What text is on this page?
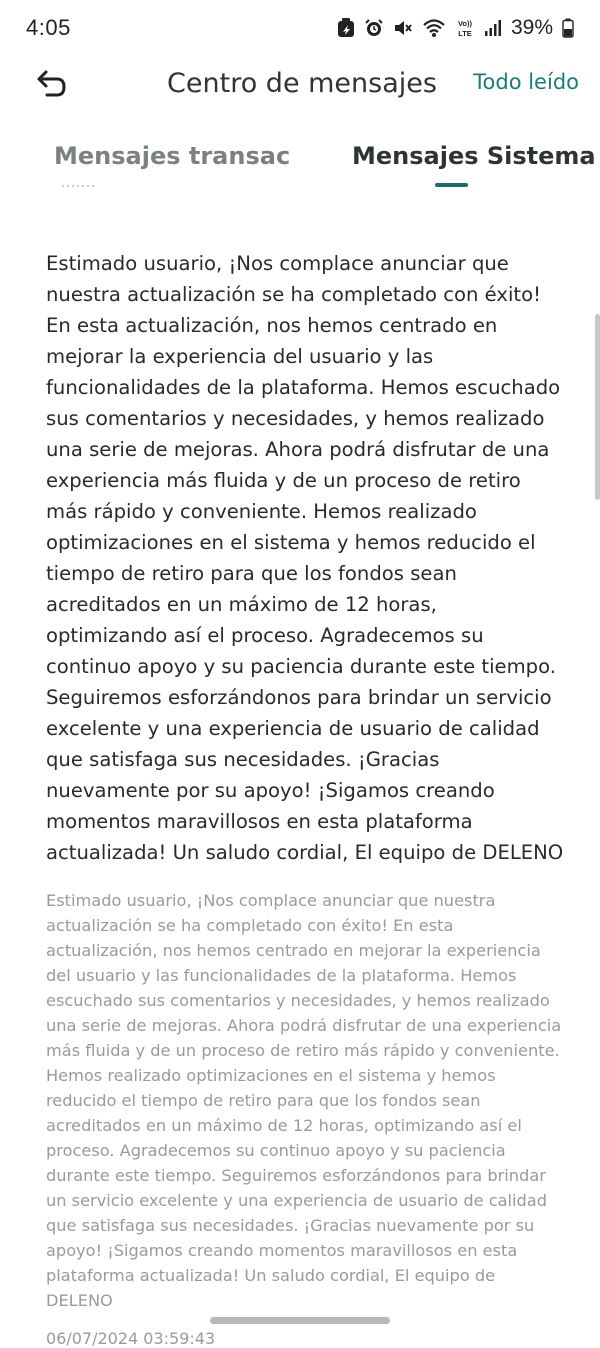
4:05	Vo))
LTE 39%
Centro de mensajes	Todo leído
Mensajes transac	Mensajes Sistema

Estimado usuario, ¡Nos complace anunciar que nuestra actualización se ha completado con éxito! En esta actualización, nos hemos centrado en mejorar la experiencia del usuario y las funcionalidades de la plataforma. Hemos escuchado sus comentarios y necesidades, y hemos realizado una serie de mejoras. Ahora podrá disfrutar de una experiencia más fluida y de un proceso de retiro más rápido y conveniente. Hemos realizado optimizaciones en el sistema y hemos reducido el tiempo de retiro para que los fondos sean acreditados en un máximo de 12 horas, optimizando así el proceso. Agradecemos su continuo apoyo y su paciencia durante este tiempo. Seguiremos esforzándonos para brindar un servicio excelente y una experiencia de usuario de calidad que satisfaga sus necesidades. ¡Gracias nuevamente por su apoyo! ¡Sigamos creando momentos maravillosos en esta plataforma actualizada! Un saludo cordial, El equipo de DELENO

Estimado usuario, ¡Nos complace anunciar que nuestra actualización se ha completado con éxito! En esta actualización, nos hemos centrado en mejorar la experiencia del usuario y las funcionalidades de la plataforma. Hemos escuchado sus comentarios y necesidades, y hemos realizado una serie de mejoras. Ahora podrá disfrutar de una experiencia más fluida y de un proceso de retiro más rápido y conveniente. Hemos realizado optimizaciones en el sistema y hemos reducido el tiempo de retiro para que los fondos sean acreditados en un máximo de 12 horas, optimizando así el proceso. Agradecemos su continuo apoyo y su paciencia durante este tiempo. Seguiremos esforzándonos para brindar un servicio excelente y una experiencia de usuario de calidad que satisfaga sus necesidades. ¡Gracias nuevamente por su apoyo! ¡Sigamos creando momentos maravillosos en esta plataforma actualizada! Un saludo cordial, El equipo de DELENO
06/07/2024 03:59:43
